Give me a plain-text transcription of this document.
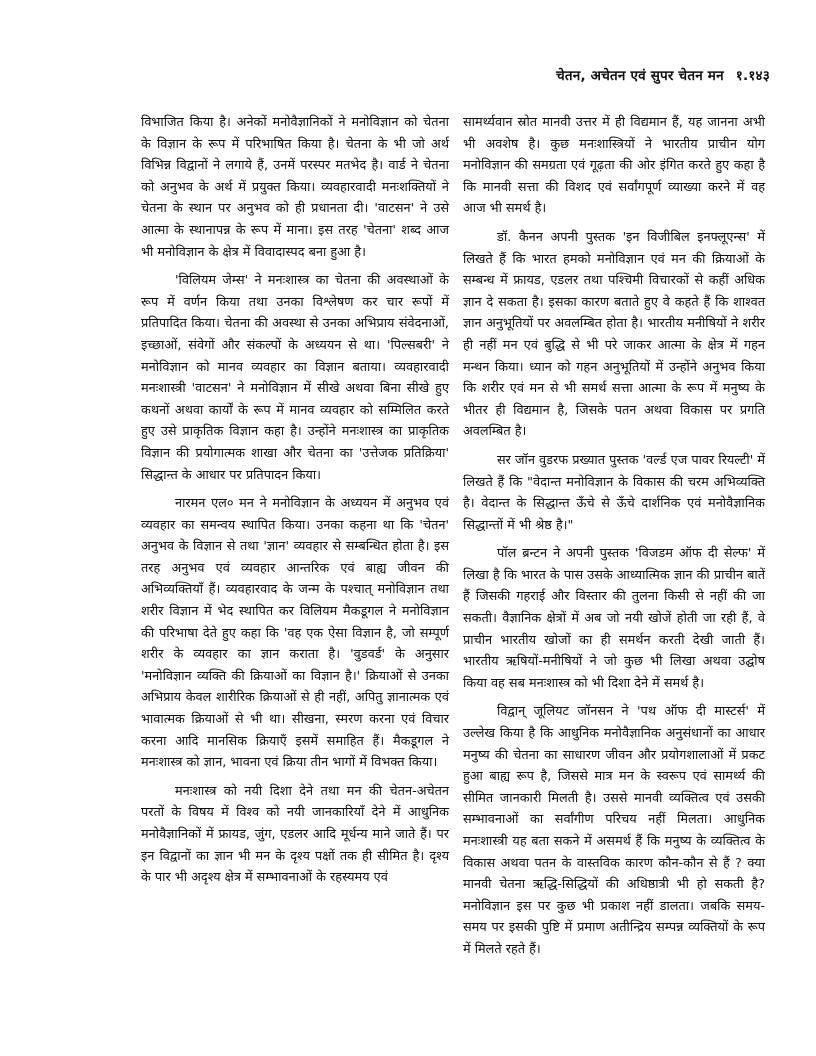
चेतन, अचेतन एवं सुपर चेतन मन १.१४३

विभाजित किया है। अनेकों मनोवैज्ञानिकों ने मनोविज्ञान को चेतना के विज्ञान के रूप में परिभाषित किया है। चेतना के भी जो अर्थ विभिन्न विद्वानों ने लगाये हैं, उनमें परस्पर मतभेद है। वार्ड ने चेतना को अनुभव के अर्थ में प्रयुक्त किया। व्यवहारवादी मनःशक्तियों ने चेतना के स्थान पर अनुभव को ही प्रधानता दी। 'वाटसन' ने उसे आत्मा के स्थानापन्न के रूप में माना। इस तरह 'चेतना' शब्द आज भी मनोविज्ञान के क्षेत्र में विवादास्पद बना हुआ है।

'विलियम जेम्स' ने मनःशास्त्र का चेतना की अवस्थाओं के रूप में वर्णन किया तथा उनका विश्लेषण कर चार रूपों में प्रतिपादित किया। चेतना की अवस्था से उनका अभिप्राय संवेदनाओं, इच्छाओं, संवेगों और संकल्पों के अध्ययन से था। 'पिल्सबरी' ने मनोविज्ञान को मानव व्यवहार का विज्ञान बताया। व्यवहारवादी मनःशास्त्री 'वाटसन' ने मनोविज्ञान में सीखे अथवा बिना सीखे हुए कथनों अथवा कार्यों के रूप में मानव व्यवहार को सम्मिलित करते हुए उसे प्राकृतिक विज्ञान कहा है। उन्होंने मनःशास्त्र का प्राकृतिक विज्ञान की प्रयोगात्मक शाखा और चेतना का 'उत्तेजक प्रतिक्रिया' सिद्धान्त के आधार पर प्रतिपादन किया।

नारमन एल० मन ने मनोविज्ञान के अध्ययन में अनुभव एवं व्यवहार का समन्वय स्थापित किया। उनका कहना था कि 'चेतन' अनुभव के विज्ञान से तथा 'ज्ञान' व्यवहार से सम्बन्धित होता है। इस तरह अनुभव एवं व्यवहार आन्तरिक एवं बाह्य जीवन की अभिव्यक्तियाँ हैं। व्यवहारवाद के जन्म के पश्चात् मनोविज्ञान तथा शरीर विज्ञान में भेद स्थापित कर विलियम मैकडूगल ने मनोविज्ञान की परिभाषा देते हुए कहा कि 'वह एक ऐसा विज्ञान है, जो सम्पूर्ण शरीर के व्यवहार का ज्ञान कराता है। 'वुडवर्ड' के अनुसार 'मनोविज्ञान व्यक्ति की क्रियाओं का विज्ञान है।' क्रियाओं से उनका अभिप्राय केवल शारीरिक क्रियाओं से ही नहीं, अपितु ज्ञानात्मक एवं भावात्मक क्रियाओं से भी था। सीखना, स्मरण करना एवं विचार करना आदि मानसिक क्रियाएँ इसमें समाहित हैं। मैकडूगल ने मनःशास्त्र को ज्ञान, भावना एवं क्रिया तीन भागों में विभक्त किया।

मनःशास्त्र को नयी दिशा देने तथा मन की चेतन-अचेतन परतों के विषय में विश्व को नयी जानकारियाँ देने में आधुनिक मनोवैज्ञानिकों में फ्रायड, जुंग, एडलर आदि मूर्धन्य माने जाते हैं। पर इन विद्वानों का ज्ञान भी मन के दृश्य पक्षों तक ही सीमित है। दृश्य के पार भी अदृश्य क्षेत्र में सम्भावनाओं के रहस्यमय एवं

सामर्थ्यवान स्रोत मानवी उत्तर में ही विद्यमान हैं, यह जानना अभी भी अवशेष है। कुछ मनःशास्त्रियों ने भारतीय प्राचीन योग मनोविज्ञान की समग्रता एवं गूढ़ता की ओर इंगित करते हुए कहा है कि मानवी सत्ता की विशद एवं सर्वांगपूर्ण व्याख्या करने में वह आज भी समर्थ है।

डॉ. कैनन अपनी पुस्तक 'इन विजीबिल इनफ्लूएन्स' में लिखते हैं कि भारत हमको मनोविज्ञान एवं मन की क्रियाओं के सम्बन्ध में फ्रायड, एडलर तथा पश्चिमी विचारकों से कहीं अधिक ज्ञान दे सकता है। इसका कारण बताते हुए वे कहते हैं कि शाश्वत ज्ञान अनुभूतियों पर अवलम्बित होता है। भारतीय मनीषियों ने शरीर ही नहीं मन एवं बुद्धि से भी परे जाकर आत्मा के क्षेत्र में गहन मन्थन किया। ध्यान को गहन अनुभूतियों में उन्होंने अनुभव किया कि शरीर एवं मन से भी समर्थ सत्ता आत्मा के रूप में मनुष्य के भीतर ही विद्यमान है, जिसके पतन अथवा विकास पर प्रगति अवलम्बित है।

सर जॉन वुडरफ प्रख्यात पुस्तक 'वर्ल्ड एज पावर रियल्टी' में लिखते हैं कि "वेदान्त मनोविज्ञान के विकास की चरम अभिव्यक्ति है। वेदान्त के सिद्धान्त ऊँचे से ऊँचे दार्शनिक एवं मनोवैज्ञानिक सिद्धान्तों में भी श्रेष्ठ है।"

पॉल ब्रन्टन ने अपनी पुस्तक 'विजडम ऑफ दी सेल्फ' में लिखा है कि भारत के पास उसके आध्यात्मिक ज्ञान की प्राचीन बातें हैं जिसकी गहराई और विस्तार की तुलना किसी से नहीं की जा सकती। वैज्ञानिक क्षेत्रों में अब जो नयी खोजें होती जा रही हैं, वे प्राचीन भारतीय खोजों का ही समर्थन करती देखी जाती हैं। भारतीय ऋषियों-मनीषियों ने जो कुछ भी लिखा अथवा उद्घोष किया वह सब मनःशास्त्र को भी दिशा देने में समर्थ है।

विद्वान् जूलियट जॉनसन ने 'पथ ऑफ दी मास्टर्स' में उल्लेख किया है कि आधुनिक मनोवैज्ञानिक अनुसंधानों का आधार मनुष्य की चेतना का साधारण जीवन और प्रयोगशालाओं में प्रकट हुआ बाह्य रूप है, जिससे मात्र मन के स्वरूप एवं सामर्थ्य की सीमित जानकारी मिलती है। उससे मानवी व्यक्तित्व एवं उसकी सम्भावनाओं का सर्वांगीण परिचय नहीं मिलता। आधुनिक मनःशास्त्री यह बता सकने में असमर्थ हैं कि मनुष्य के व्यक्तित्व के विकास अथवा पतन के वास्तविक कारण कौन-कौन से हैं ? क्या मानवी चेतना ऋद्धि-सिद्धियों की अधिष्ठात्री भी हो सकती है? मनोविज्ञान इस पर कुछ भी प्रकाश नहीं डालता। जबकि समय-समय पर इसकी पुष्टि में प्रमाण अतीन्द्रिय सम्पन्न व्यक्तियों के रूप में मिलते रहते हैं।
